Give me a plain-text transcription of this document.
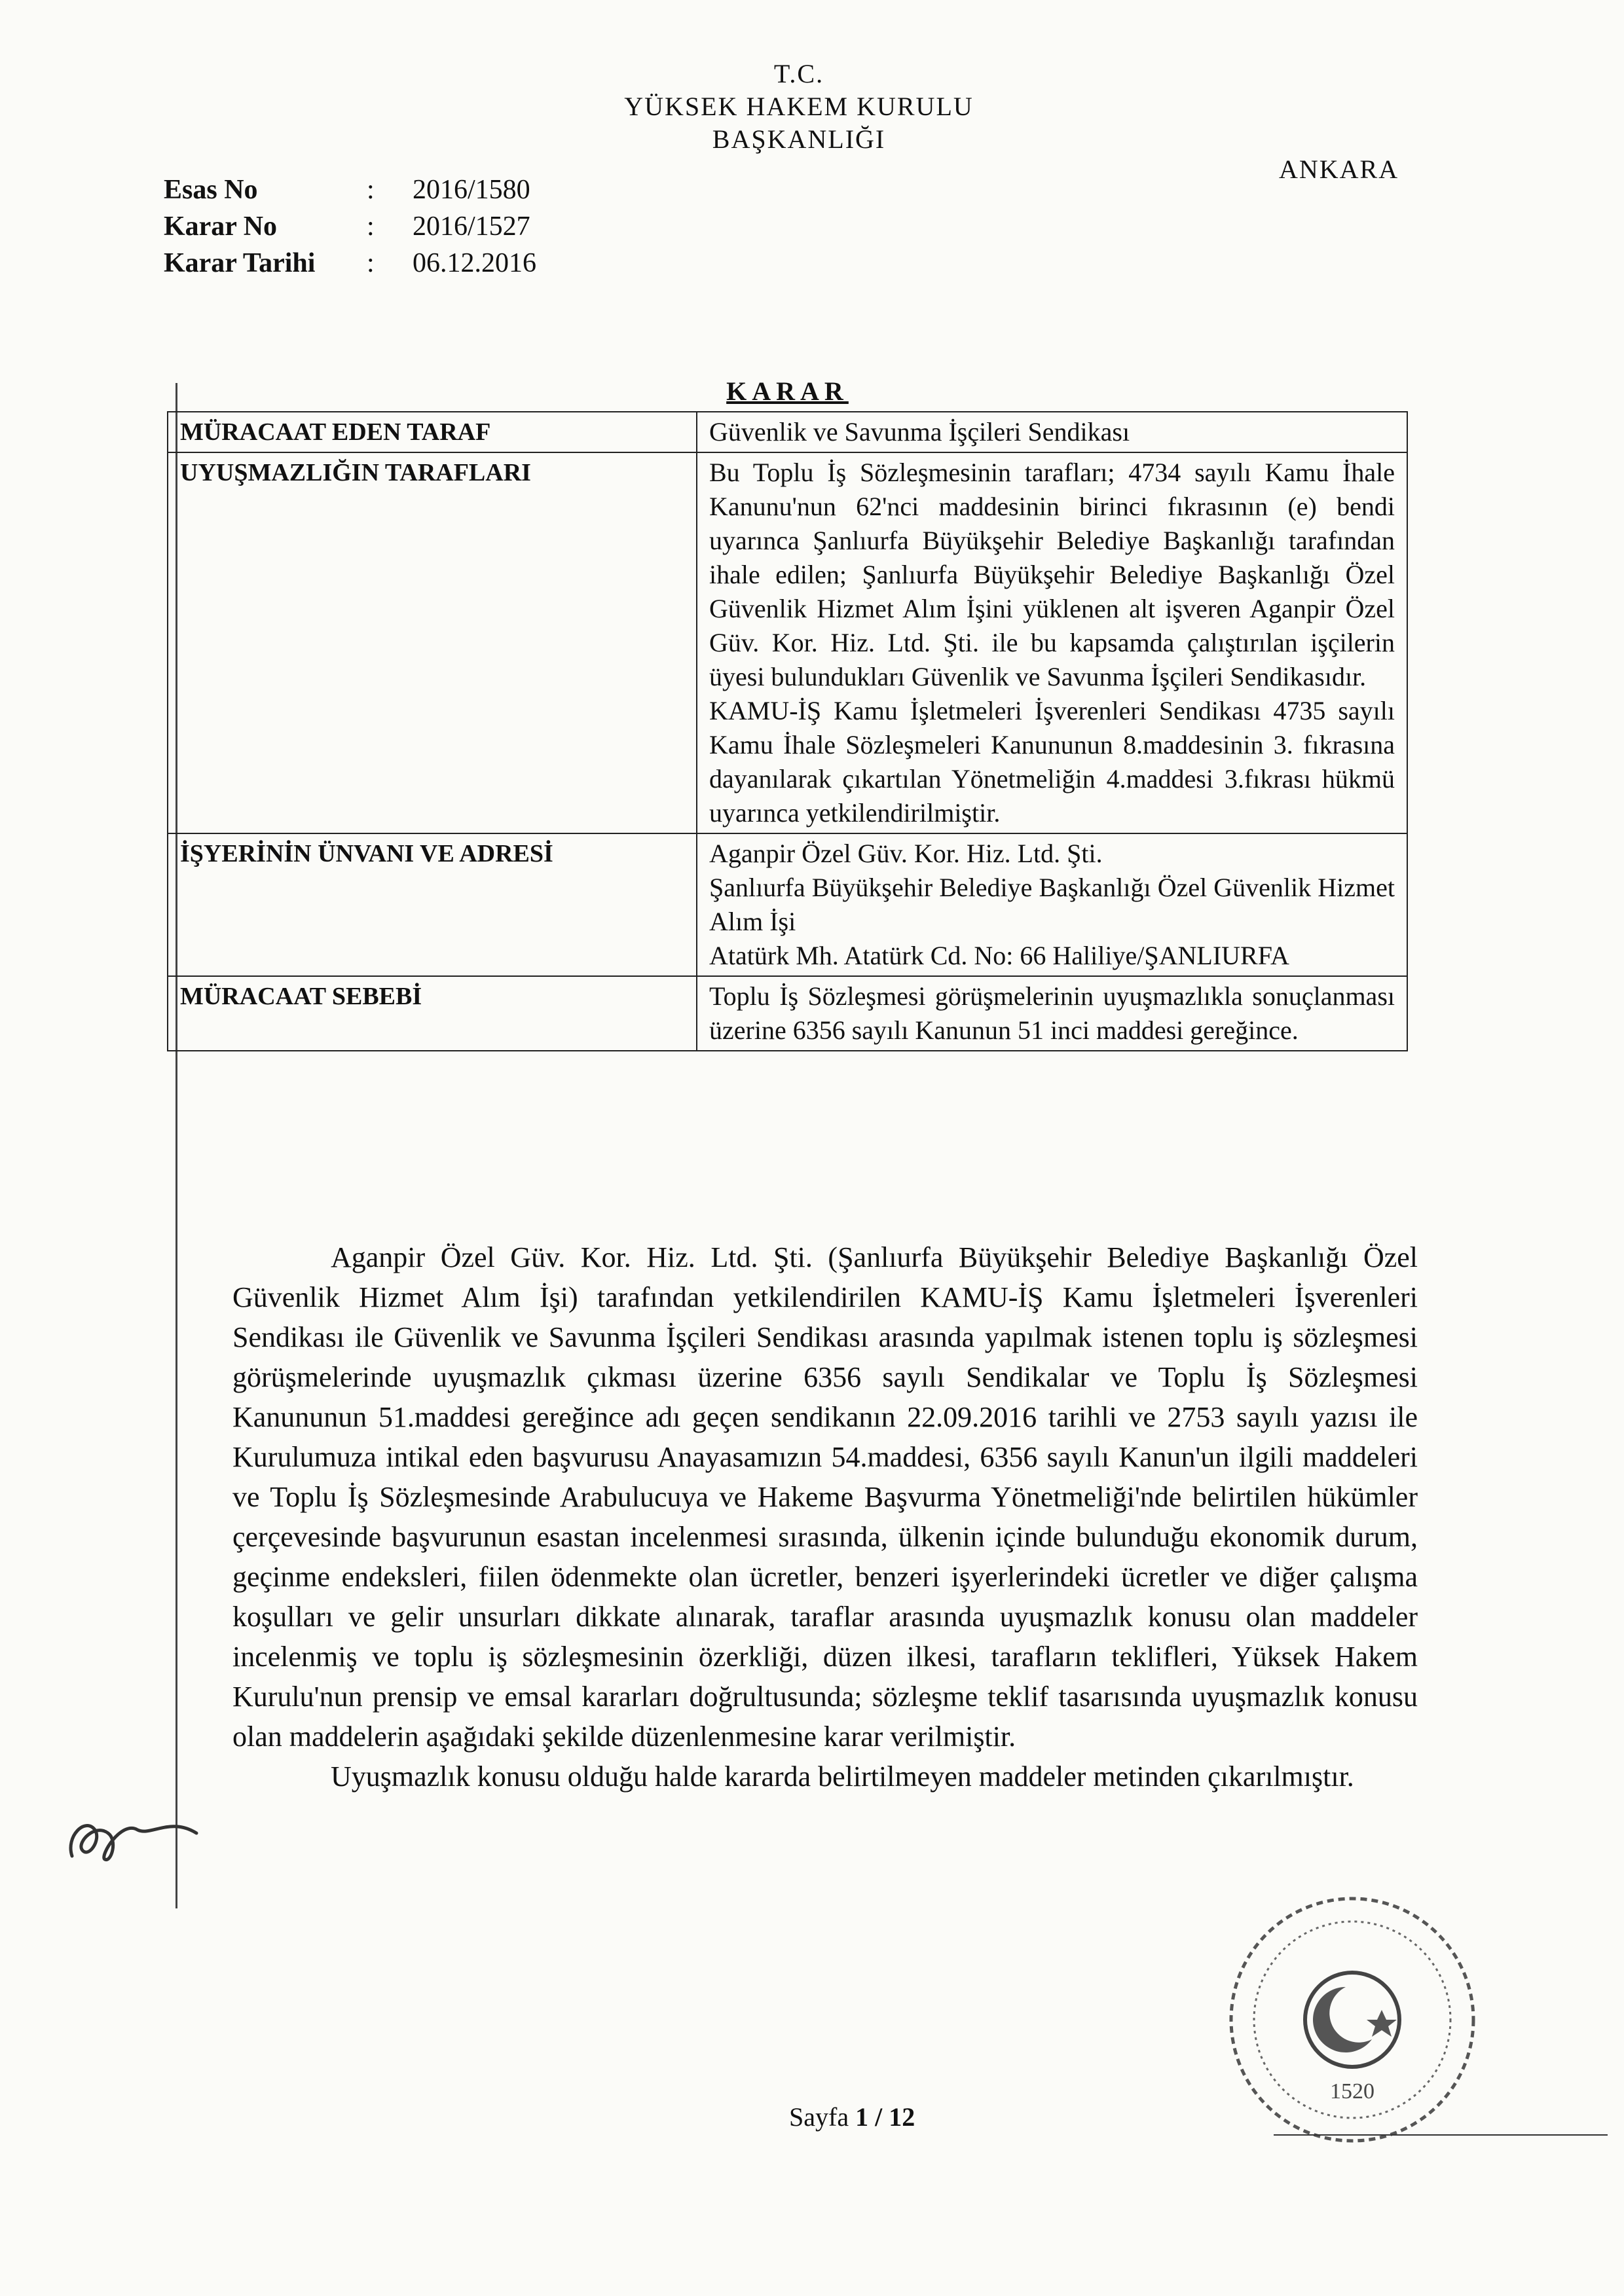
T.C.
YÜKSEK HAKEM KURULU
BAŞKANLIĞI
ANKARA
Esas No	:	2016/1580
Karar No	:	2016/1527
Karar Tarihi	:	06.12.2016
KARAR	
MÜRACAAT EDEN TARAF	Güvenlik ve Savunma İşçileri Sendikası

UYUŞMAZLIĞIN TARAFLARI	Bu Toplu İş Sözleşmesinin tarafları; 4734 sayılı Kamu İhale Kanunu'nun 62'nci maddesinin birinci fıkrasının (e) bendi uyarınca Şanlıurfa Büyükşehir Belediye Başkanlığı tarafından ihale edilen; Şanlıurfa Büyükşehir Belediye Başkanlığı Özel Güvenlik Hizmet Alım İşini yüklenen alt işveren Aganpir Özel Güv. Kor. Hiz. Ltd. Şti. ile bu kapsamda çalıştırılan işçilerin üyesi bulundukları Güvenlik ve Savunma İşçileri Sendikasıdır.

KAMU-İŞ Kamu İşletmeleri İşverenleri Sendikası 4735 sayılı Kamu İhale Sözleşmeleri Kanununun 8.maddesinin 3. fıkrasına dayanılarak çıkartılan Yönetmeliğin 4.maddesi 3.fıkrası hükmü uyarınca yetkilendirilmiştir.

İŞYERİNİN ÜNVANI VE ADRESİ	Aganpir Özel Güv. Kor. Hiz. Ltd. Şti.

Şanlıurfa Büyükşehir Belediye Başkanlığı Özel Güvenlik Hizmet Alım İşi

Atatürk Mh. Atatürk Cd. No: 66 Haliliye/ŞANLIURFA

MÜRACAAT SEBEBİ	Toplu İş Sözleşmesi görüşmelerinin uyuşmazlıkla sonuçlanması üzerine 6356 sayılı Kanunun 51 inci maddesi gereğince.

Aganpir Özel Güv. Kor. Hiz. Ltd. Şti. (Şanlıurfa Büyükşehir Belediye Başkanlığı Özel Güvenlik Hizmet Alım İşi) tarafından yetkilendirilen KAMU-İŞ Kamu İşletmeleri İşverenleri Sendikası ile Güvenlik ve Savunma İşçileri Sendikası arasında yapılmak istenen toplu iş sözleşmesi görüşmelerinde uyuşmazlık çıkması üzerine 6356 sayılı Sendikalar ve Toplu İş Sözleşmesi Kanununun 51.maddesi gereğince adı geçen sendikanın 22.09.2016 tarihli ve 2753 sayılı yazısı ile Kurulumuza intikal eden başvurusu Anayasamızın 54.maddesi, 6356 sayılı Kanun'un ilgili maddeleri ve Toplu İş Sözleşmesinde Arabulucuya ve Hakeme Başvurma Yönetmeliği'nde belirtilen hükümler çerçevesinde başvurunun esastan incelenmesi sırasında, ülkenin içinde bulunduğu ekonomik durum, geçinme endeksleri, fiilen ödenmekte olan ücretler, benzeri işyerlerindeki ücretler ve diğer çalışma koşulları ve gelir unsurları dikkate alınarak, taraflar arasında uyuşmazlık konusu olan maddeler incelenmiş ve toplu iş sözleşmesinin özerkliği, düzen ilkesi, tarafların teklifleri, Yüksek Hakem Kurulu'nun prensip ve emsal kararları doğrultusunda; sözleşme teklif tasarısında uyuşmazlık konusu olan maddelerin aşağıdaki şekilde düzenlenmesine karar verilmiştir.

Uyuşmazlık konusu olduğu halde kararda belirtilmeyen maddeler metinden çıkarılmıştır.

1520
Sayfa 1 / 12
